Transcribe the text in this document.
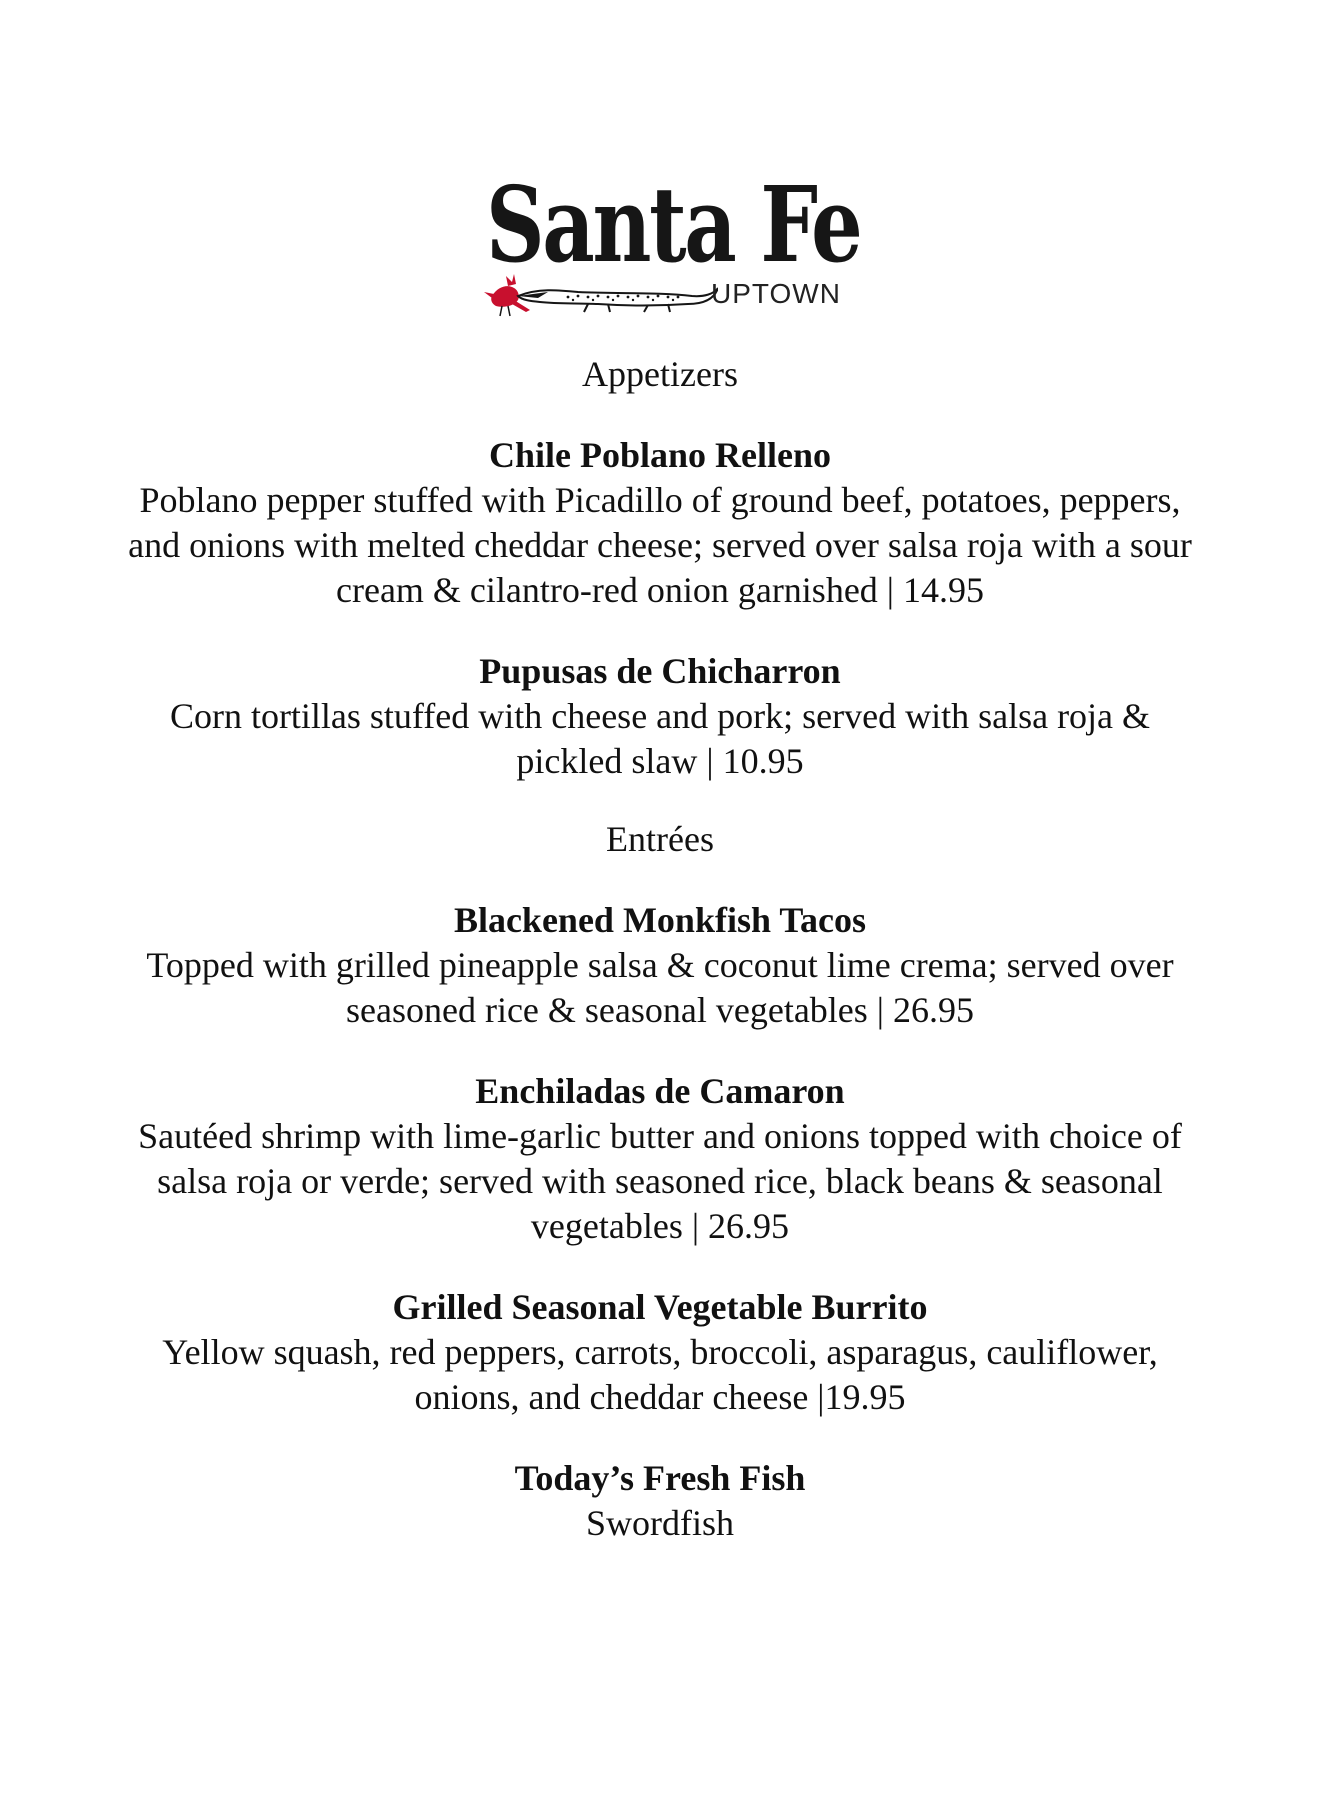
Santa Fe
UPTOWN
Appetizers
Chile Poblano Relleno
Poblano pepper stuffed with Picadillo of ground beef, potatoes, peppers, and onions with melted cheddar cheese; served over salsa roja with a sour cream & cilantro-red onion garnished | 14.95
Pupusas de Chicharron
Corn tortillas stuffed with cheese and pork; served with salsa roja & pickled slaw | 10.95
Entrées
Blackened Monkfish Tacos
Topped with grilled pineapple salsa & coconut lime crema; served over seasoned rice & seasonal vegetables | 26.95
Enchiladas de Camaron
Sautéed shrimp with lime-garlic butter and onions topped with choice of salsa roja or verde; served with seasoned rice, black beans & seasonal vegetables | 26.95
Grilled Seasonal Vegetable Burrito
Yellow squash, red peppers, carrots, broccoli, asparagus, cauliflower, onions, and cheddar cheese |19.95
Today’s Fresh Fish
Swordfish
